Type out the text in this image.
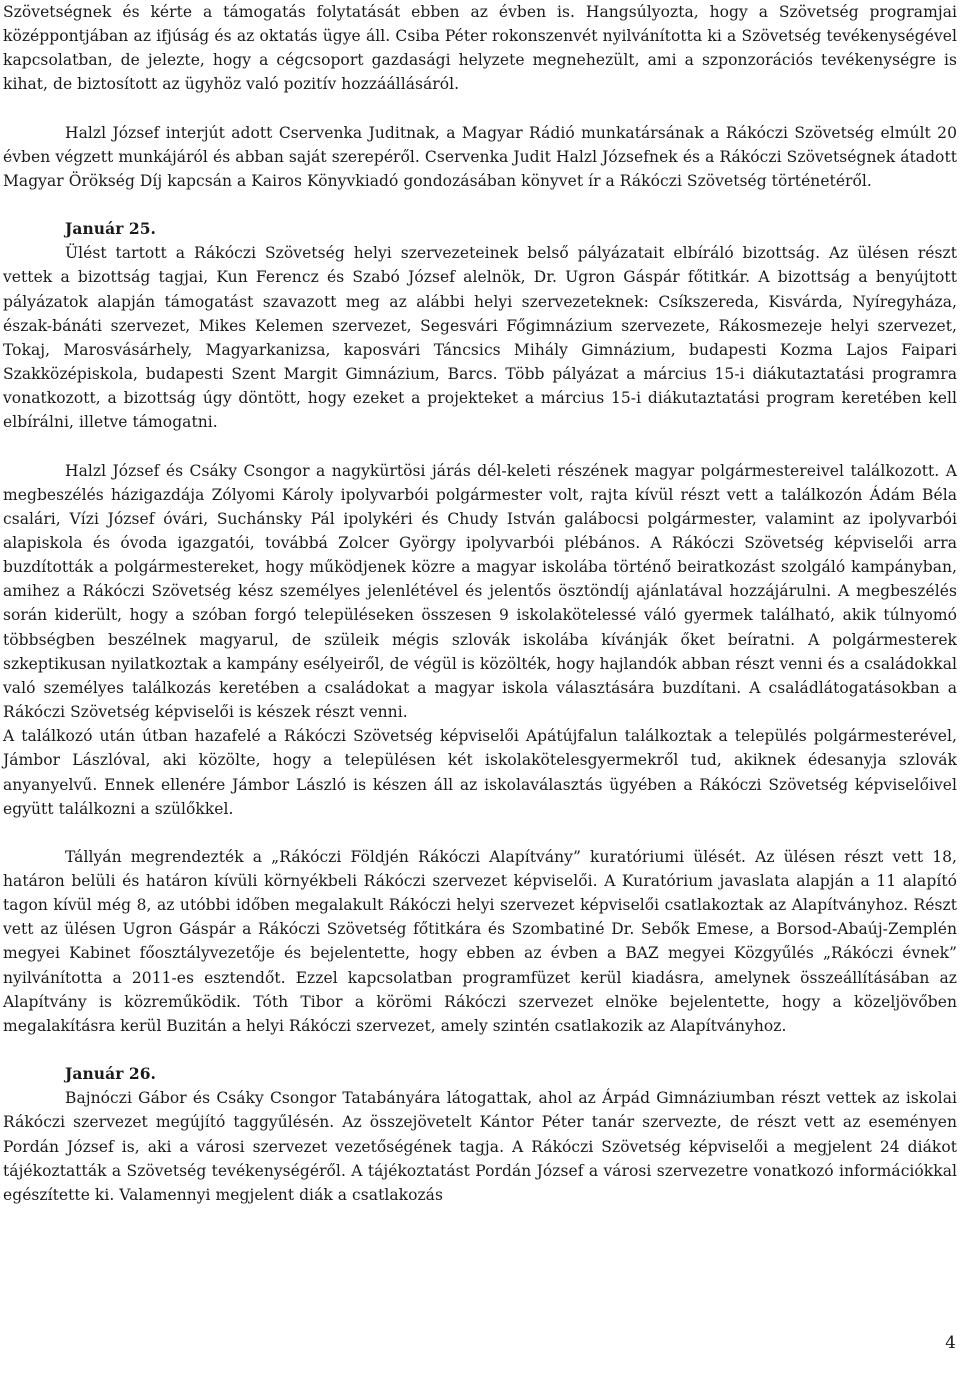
Szövetségnek és kérte a támogatás folytatását ebben az évben is. Hangsúlyozta, hogy a Szövetség programjai középpontjában az ifjúság és az oktatás ügye áll. Csiba Péter rokonszenvét nyilvánította ki a Szövetség tevékenységével kapcsolatban, de jelezte, hogy a cégcsoport gazdasági helyzete megnehezült, ami a szponzorációs tevékenységre is kihat, de biztosított az ügyhöz való pozitív hozzáállásáról.

Halzl József interjút adott Cservenka Juditnak, a Magyar Rádió munkatársának a Rákóczi Szövetség elmúlt 20 évben végzett munkájáról és abban saját szerepéről. Cservenka Judit Halzl Józsefnek és a Rákóczi Szövetségnek átadott Magyar Örökség Díj kapcsán a Kairos Könyvkiadó gondozásában könyvet ír a Rákóczi Szövetség történetéről.

Január 25.

Ülést tartott a Rákóczi Szövetség helyi szervezeteinek belső pályázatait elbíráló bizottság. Az ülésen részt vettek a bizottság tagjai, Kun Ferencz és Szabó József alelnök, Dr. Ugron Gáspár főtitkár. A bizottság a benyújtott pályázatok alapján támogatást szavazott meg az alábbi helyi szervezeteknek: Csíkszereda, Kisvárda, Nyíregyháza, észak-bánáti szervezet, Mikes Kelemen szervezet, Segesvári Főgimnázium szervezete, Rákosmezeje helyi szervezet, Tokaj, Marosvásárhely, Magyarkanizsa, kaposvári Táncsics Mihály Gimnázium, budapesti Kozma Lajos Faipari Szakközépiskola, budapesti Szent Margit Gimnázium, Barcs. Több pályázat a március 15-i diákutaztatási programra vonatkozott, a bizottság úgy döntött, hogy ezeket a projekteket a március 15-i diákutaztatási program keretében kell elbírálni, illetve támogatni.

Halzl József és Csáky Csongor a nagykürtösi járás dél-keleti részének magyar polgármestereivel találkozott. A megbeszélés házigazdája Zólyomi Károly ipolyvarbói polgármester volt, rajta kívül részt vett a találkozón Ádám Béla csalári, Vízi József óvári, Suchánsky Pál ipolykéri és Chudy István galábocsi polgármester, valamint az ipolyvarbói alapiskola és óvoda igazgatói, továbbá Zolcer György ipolyvarbói plébános. A Rákóczi Szövetség képviselői arra buzdították a polgármestereket, hogy működjenek közre a magyar iskolába történő beiratkozást szolgáló kampányban, amihez a Rákóczi Szövetség kész személyes jelenlétével és jelentős ösztöndíj ajánlatával hozzájárulni. A megbeszélés során kiderült, hogy a szóban forgó településeken összesen 9 iskolakötelessé váló gyermek található, akik túlnyomó többségben beszélnek magyarul, de szüleik mégis szlovák iskolába kívánják őket beíratni. A polgármesterek szkeptikusan nyilatkoztak a kampány esélyeiről, de végül is közölték, hogy hajlandók abban részt venni és a családokkal való személyes találkozás keretében a családokat a magyar iskola választására buzdítani. A családlátogatásokban a Rákóczi Szövetség képviselői is készek részt venni.

A találkozó után útban hazafelé a Rákóczi Szövetség képviselői Apátújfalun találkoztak a település polgármesterével, Jámbor Lászlóval, aki közölte, hogy a településen két iskolakötelesgyermekről tud, akiknek édesanyja szlovák anyanyelvű. Ennek ellenére Jámbor László is készen áll az iskolaválasztás ügyében a Rákóczi Szövetség képviselőivel együtt találkozni a szülőkkel.

Tállyán megrendezték a „Rákóczi Földjén Rákóczi Alapítvány” kuratóriumi ülését. Az ülésen részt vett 18, határon belüli és határon kívüli környékbeli Rákóczi szervezet képviselői. A Kuratórium javaslata alapján a 11 alapító tagon kívül még 8, az utóbbi időben megalakult Rákóczi helyi szervezet képviselői csatlakoztak az Alapítványhoz. Részt vett az ülésen Ugron Gáspár a Rákóczi Szövetség főtitkára és Szombatiné Dr. Sebők Emese, a Borsod-Abaúj-Zemplén megyei Kabinet főosztályvezetője és bejelentette, hogy ebben az évben a BAZ megyei Közgyűlés „Rákóczi évnek” nyilvánította a 2011-es esztendőt. Ezzel kapcsolatban programfüzet kerül kiadásra, amelynek összeállításában az Alapítvány is közreműködik. Tóth Tibor a körömi Rákóczi szervezet elnöke bejelentette, hogy a közeljövőben megalakításra kerül Buzitán a helyi Rákóczi szervezet, amely szintén csatlakozik az Alapítványhoz.

Január 26.

Bajnóczi Gábor és Csáky Csongor Tatabányára látogattak, ahol az Árpád Gimnáziumban részt vettek az iskolai Rákóczi szervezet megújító taggyűlésén. Az összejövetelt Kántor Péter tanár szervezte, de részt vett az eseményen Pordán József is, aki a városi szervezet vezetőségének tagja. A Rákóczi Szövetség képviselői a megjelent 24 diákot tájékoztatták a Szövetség tevékenységéről. A tájékoztatást Pordán József a városi szervezetre vonatkozó információkkal egészítette ki. Valamennyi megjelent diák a csatlakozás

4
